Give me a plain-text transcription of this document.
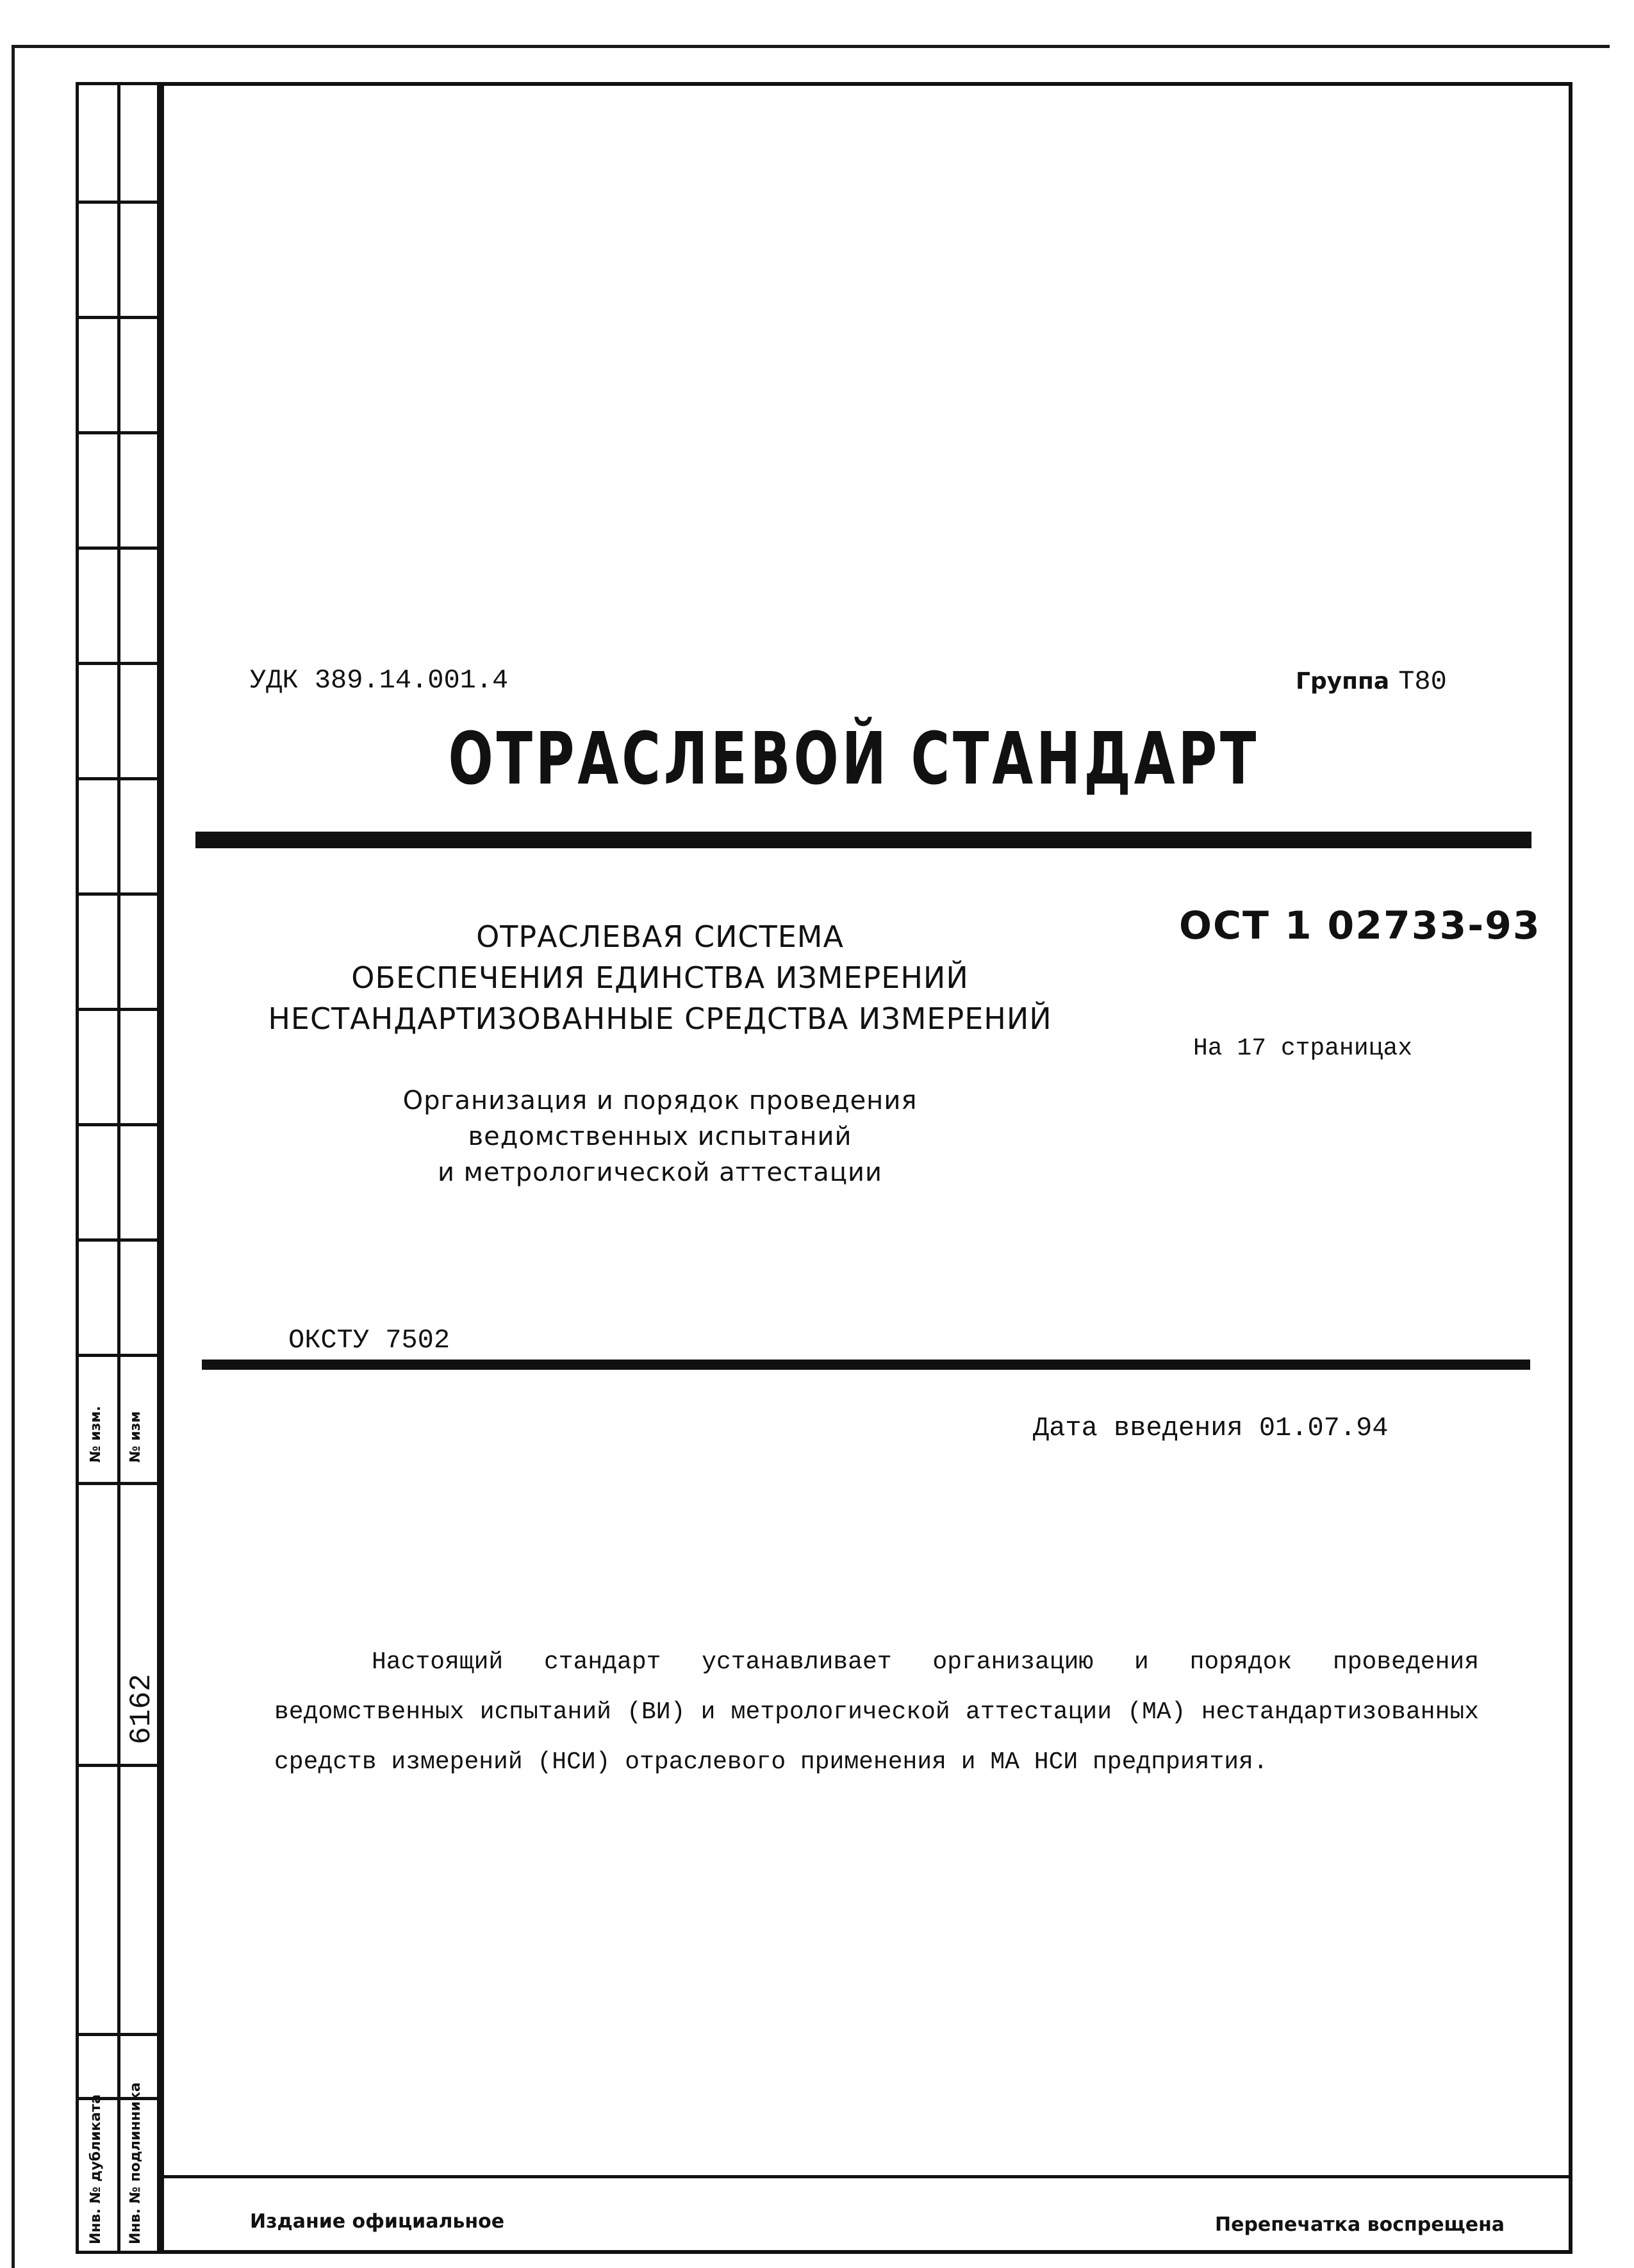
№ изм. № изм
6162
Инв. № дубликата Инв. № подлинника
УДК 389.14.001.4	Группа Т80
ОТРАСЛЕВОЙ СТАНДАРТ
ОТРАСЛЕВАЯ СИСТЕМА
ОБЕСПЕЧЕНИЯ ЕДИНСТВА ИЗМЕРЕНИЙ
НЕСТАНДАРТИЗОВАННЫЕ СРЕДСТВА ИЗМЕРЕНИЙ
Организация и порядок проведения
ведомственных испытаний
и метрологической аттестации
ОСТ 1 02733-93
На 17 страницах
ОКСТУ 7502
Дата введения 01.07.94
Настоящий стандарт устанавливает организацию и порядок проведения ведомственных испытаний (ВИ) и метрологической аттестации (МА) нестандартизованных средств измерений (НСИ) отраслевого применения и МА НСИ предприятия.
Издание официальное	Перепечатка воспрещена
